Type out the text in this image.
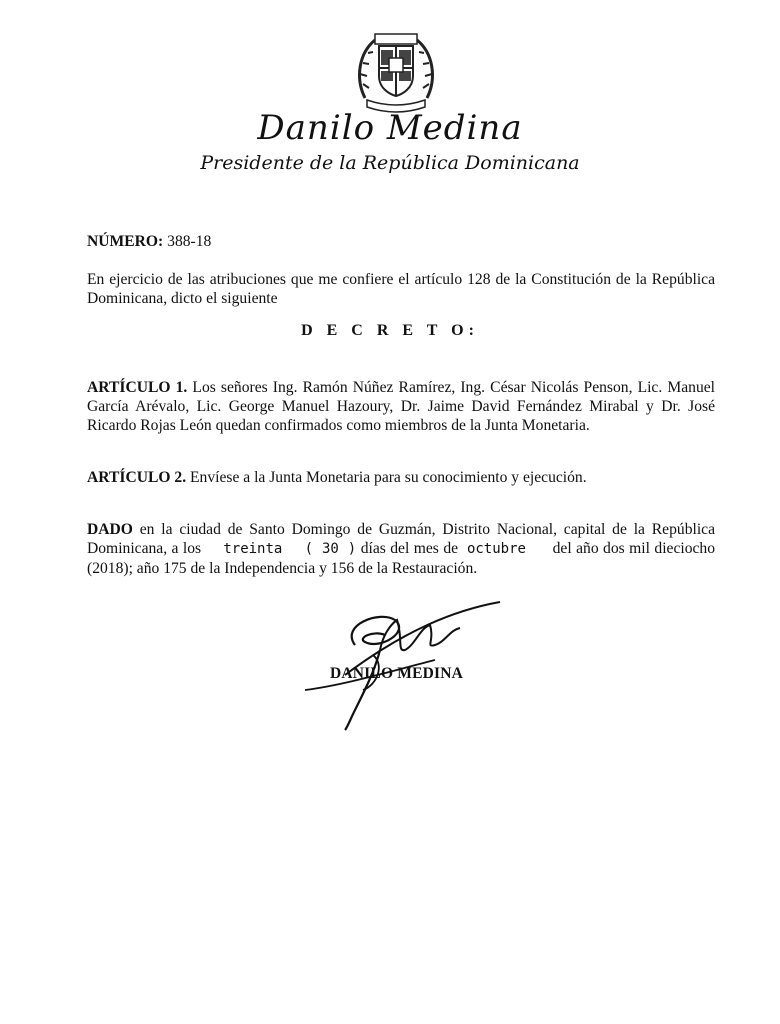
Danilo Medina
Presidente de la República Dominicana
NÚMERO: 388-18
En ejercicio de las atribuciones que me confiere el artículo 128 de la Constitución de la República Dominicana, dicto el siguiente
D E C R E T O:
ARTÍCULO 1. Los señores Ing. Ramón Núñez Ramírez, Ing. César Nicolás Penson, Lic. Manuel García Arévalo, Lic. George Manuel Hazoury, Dr. Jaime David Fernández Mirabal y Dr. José Ricardo Rojas León quedan confirmados como miembros de la Junta Monetaria.
ARTÍCULO 2. Envíese a la Junta Monetaria para su conocimiento y ejecución.
DADO en la ciudad de Santo Domingo de Guzmán, Distrito Nacional, capital de la República Dominicana, a los treinta ( 30 ) días del mes de octubre del año dos mil dieciocho (2018); año 175 de la Independencia y 156 de la Restauración.
DANILO MEDINA
